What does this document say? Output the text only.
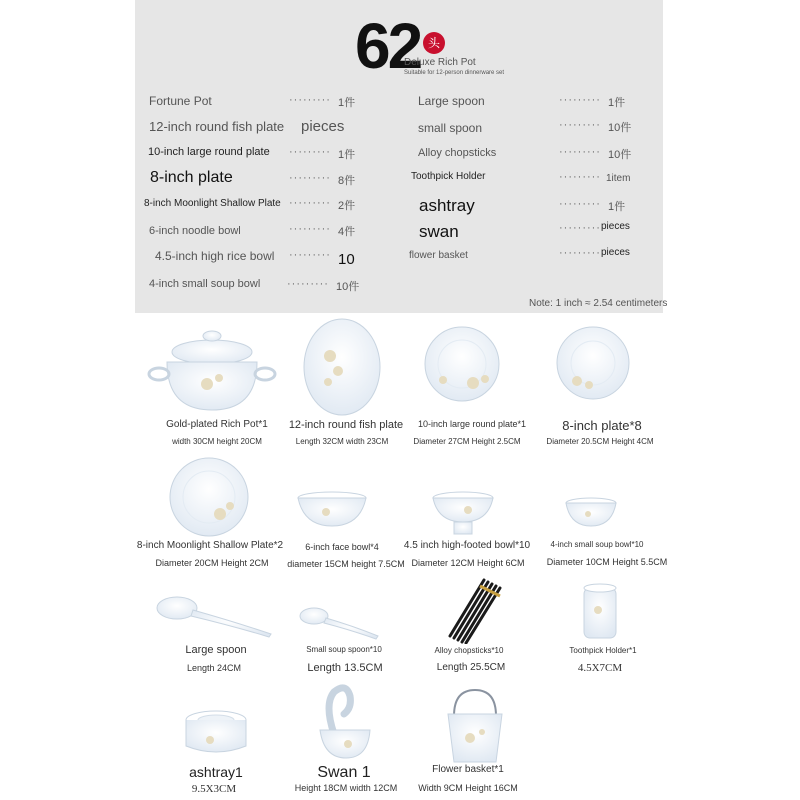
62 头
Deluxe Rich Pot
Suitable for 12-person dinnerware set
Fortune Pot	········· 1件
12-inch round fish plate pieces
10-inch large round plate ········· 1件
8-inch plate	········· 8件
8-inch Moonlight Shallow Plate ········· 2件
6-inch noodle bowl	········· 4件
4.5-inch high rice bowl ········· 10
4-inch small soup bowl ········· 10件
Large spoon	········· 1件
small spoon	········· 10件
Alloy chopsticks	········· 10件
Toothpick Holder	········· 1item
ashtray	········· 1件
swan	········· pieces
flower basket	········· pieces
Note: 1 inch ≈ 2.54 centimeters
Gold-plated Rich Pot*1
width 30CM height 20CM
12-inch round fish plate
Length 32CM width 23CM
10-inch large round plate*1
Diameter 27CM Height 2.5CM
8-inch plate*8
Diameter 20.5CM Height 4CM
8-inch Moonlight Shallow Plate*2
Diameter 20CM Height 2CM
6-inch face bowl*4
diameter 15CM height 7.5CM
4.5 inch high-footed bowl*10
Diameter 12CM Height 6CM
4-inch small soup bowl*10
Diameter 10CM Height 5.5CM
Large spoon
Length 24CM
Small soup spoon*10
Length 13.5CM
Alloy chopsticks*10
Length 25.5CM
Toothpick Holder*1
4.5X7CM
ashtray1
9.5X3CM
Swan 1
Height 18CM width 12CM
Flower basket*1
Width 9CM Height 16CM
